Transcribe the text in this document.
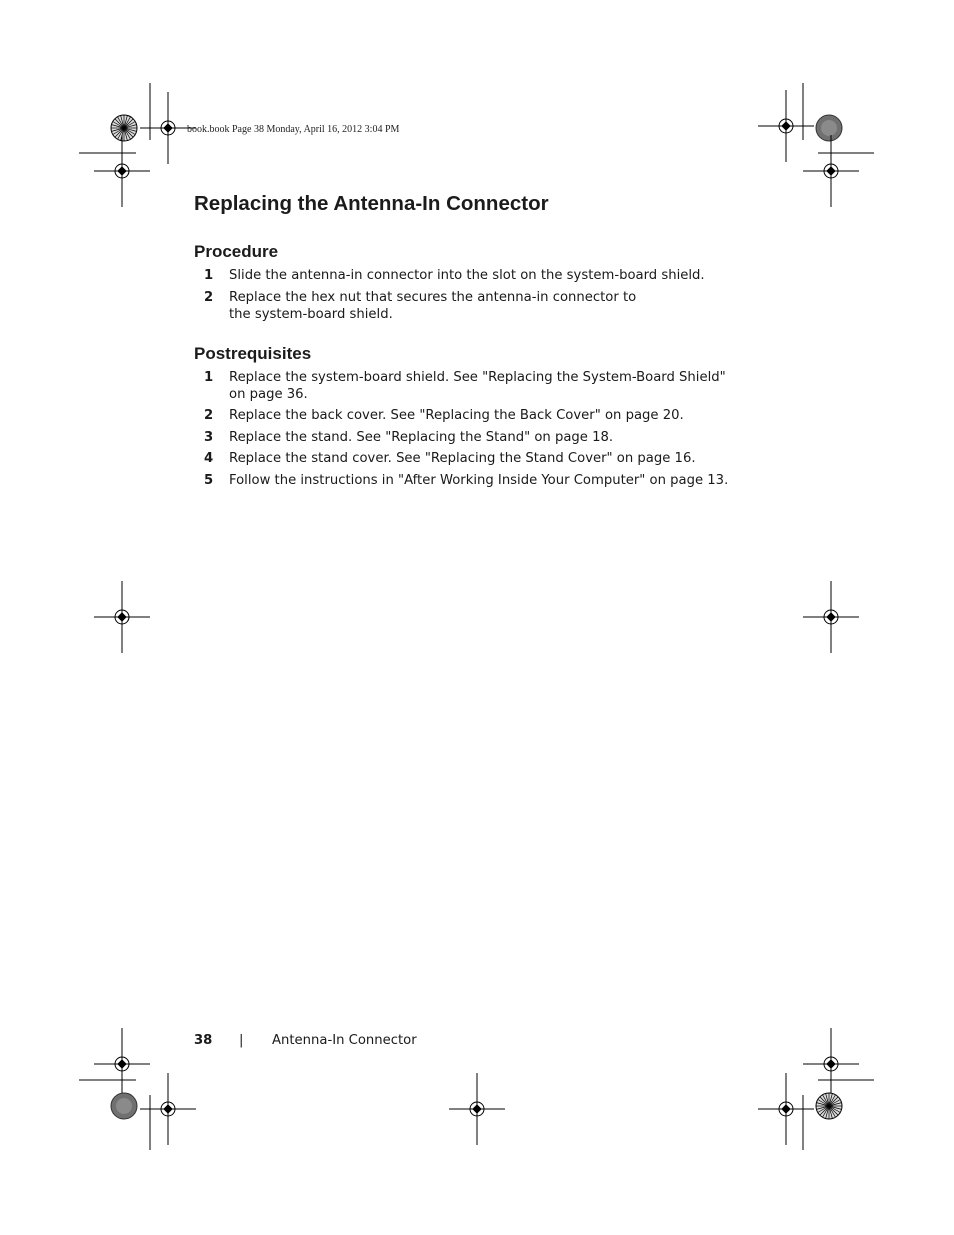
book.book Page 38 Monday, April 16, 2012 3:04 PM
Replacing the Antenna-In Connector
Procedure
1	Slide the antenna-in connector into the slot on the system-board shield.
2	Replace the hex nut that secures the antenna-in connector to the system-board shield.
Postrequisites
1	Replace the system-board shield. See "Replacing the System-Board Shield" on page 36.
2	Replace the back cover. See "Replacing the Back Cover" on page 20.
3	Replace the stand. See "Replacing the Stand" on page 18.
4	Replace the stand cover. See "Replacing the Stand Cover" on page 16.
5	Follow the instructions in "After Working Inside Your Computer" on page 13.
38 | Antenna-In Connector
